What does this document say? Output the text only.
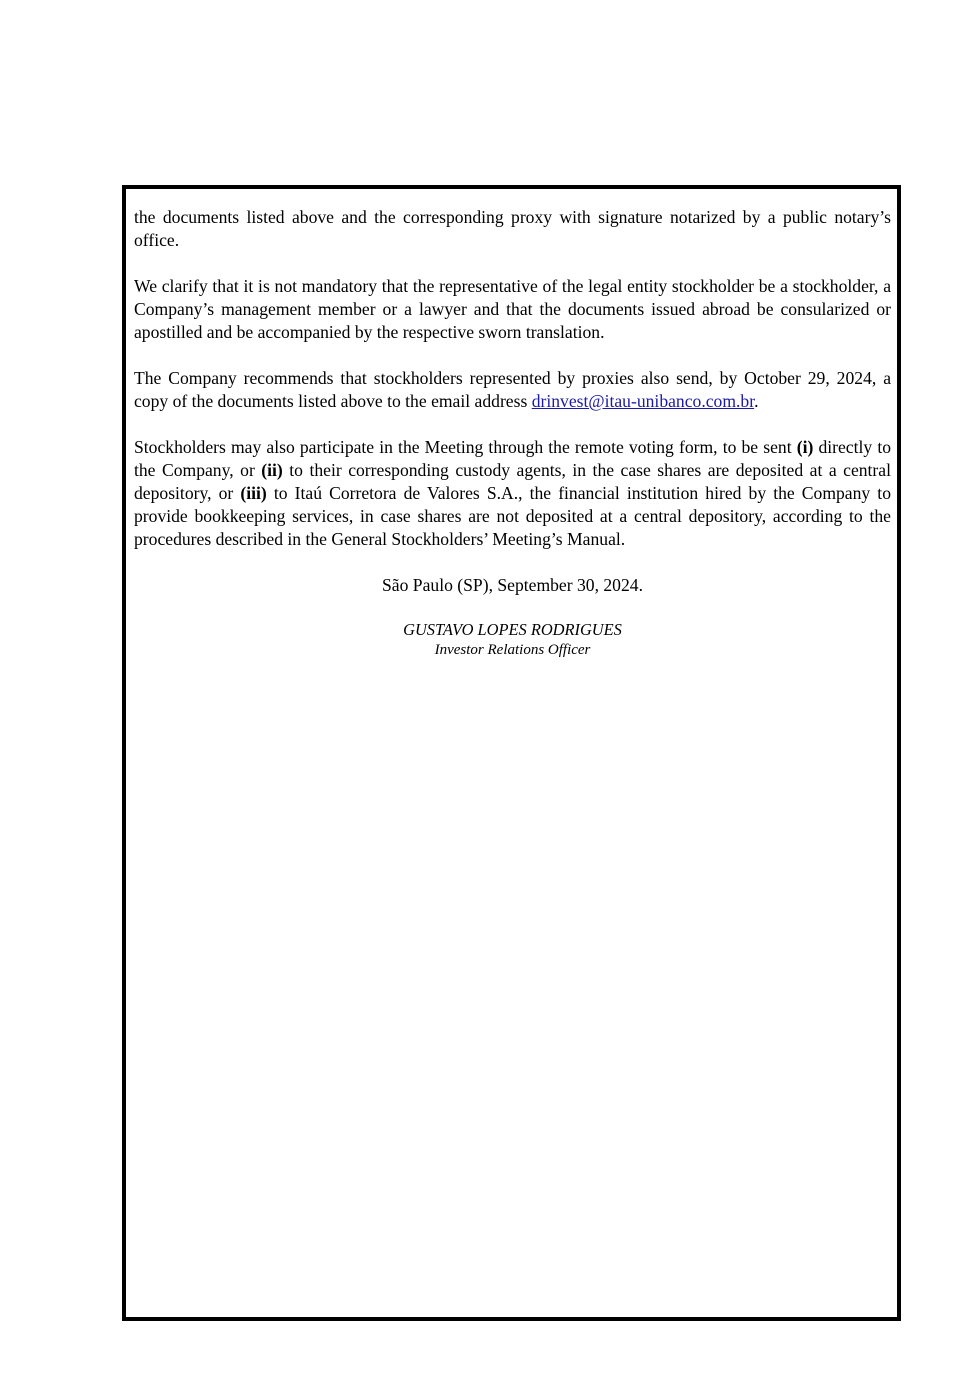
the documents listed above and the corresponding proxy with signature notarized by a public notary’s office.

We clarify that it is not mandatory that the representative of the legal entity stockholder be a stockholder, a Company’s management member or a lawyer and that the documents issued abroad be consularized or apostilled and be accompanied by the respective sworn translation.

The Company recommends that stockholders represented by proxies also send, by October 29, 2024, a copy of the documents listed above to the email address drinvest@itau-unibanco.com.br.

Stockholders may also participate in the Meeting through the remote voting form, to be sent (i) directly to the Company, or (ii) to their corresponding custody agents, in the case shares are deposited at a central depository, or (iii) to Itaú Corretora de Valores S.A., the financial institution hired by the Company to provide bookkeeping services, in case shares are not deposited at a central depository, according to the procedures described in the General Stockholders’ Meeting’s Manual.

São Paulo (SP), September 30, 2024.
GUSTAVO LOPES RODRIGUES
Investor Relations Officer
